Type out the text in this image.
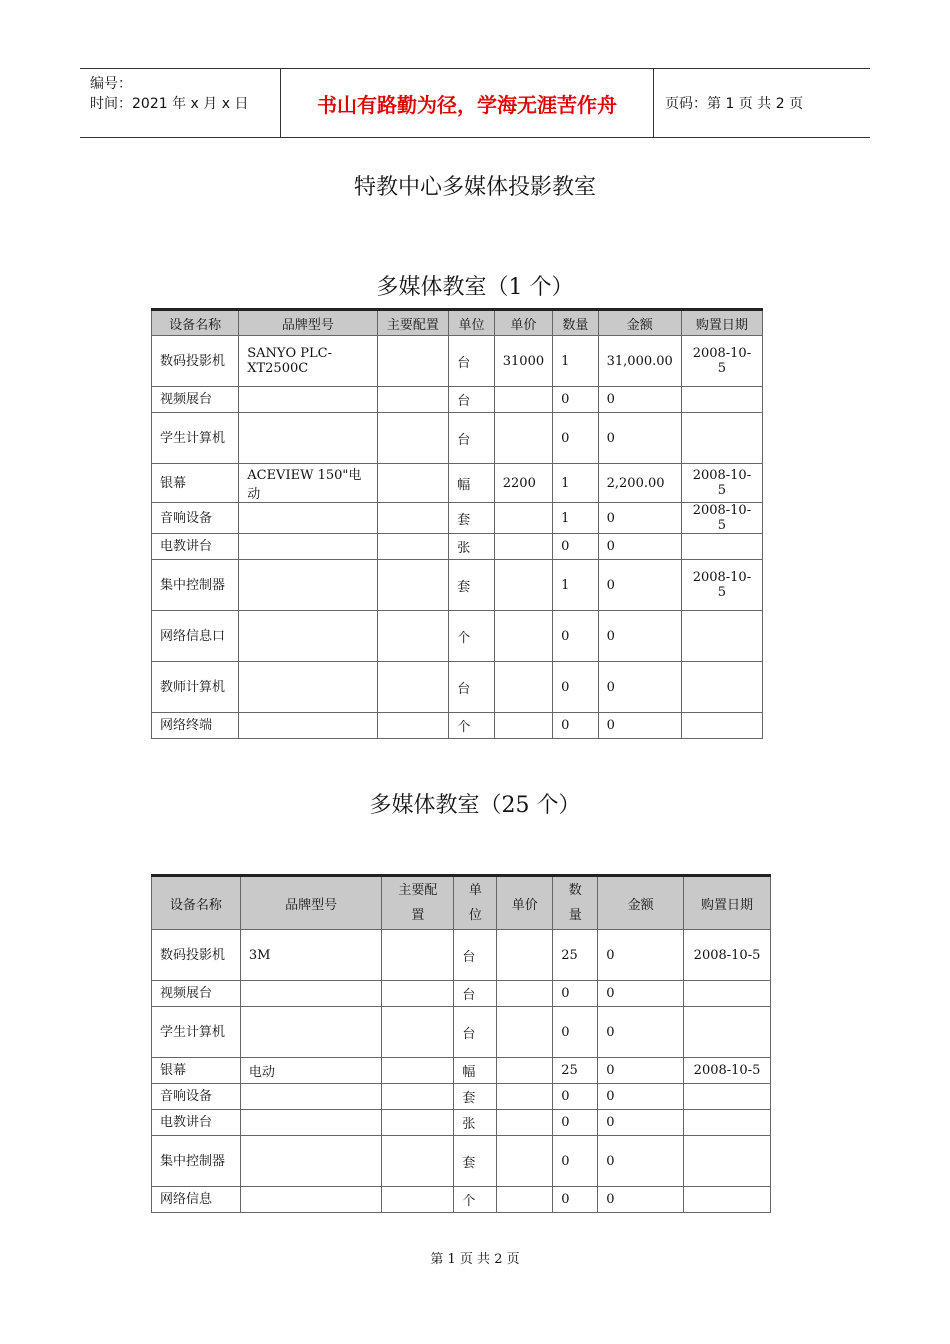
编号：
时间：2021 年 x 月 x 日	书山有路勤为径，学海无涯苦作舟	页码：第 1 页 共 2 页
特教中心多媒体投影教室
多媒体教室（1 个）
设备名称	品牌型号	主要配置	单位	单价	数量	金额	购置日期
数码投影机	SANYO PLC-XT2500C		台	31000	1	31,000.00	2008-10-5
视频展台			台		0	0	
学生计算机			台		0	0	
银幕	ACEVIEW 150"电动		幅	2200	1	2,200.00	2008-10-5
音响设备			套		1	0	2008-10-5
电教讲台			张		0	0	
集中控制器			套		1	0	2008-10-5
网络信息口			个		0	0	
教师计算机			台		0	0	
网络终端			个		0	0	
多媒体教室（25 个）
设备名称	品牌型号	主要配置	单位	单价	数量	金额	购置日期
数码投影机	3M		台		25	0	2008-10-5
视频展台			台		0	0	
学生计算机			台		0	0	
银幕	电动		幅		25	0	2008-10-5
音响设备			套		0	0	
电教讲台			张		0	0	
集中控制器			套		0	0	
网络信息			个		0	0	
第 1 页 共 2 页
